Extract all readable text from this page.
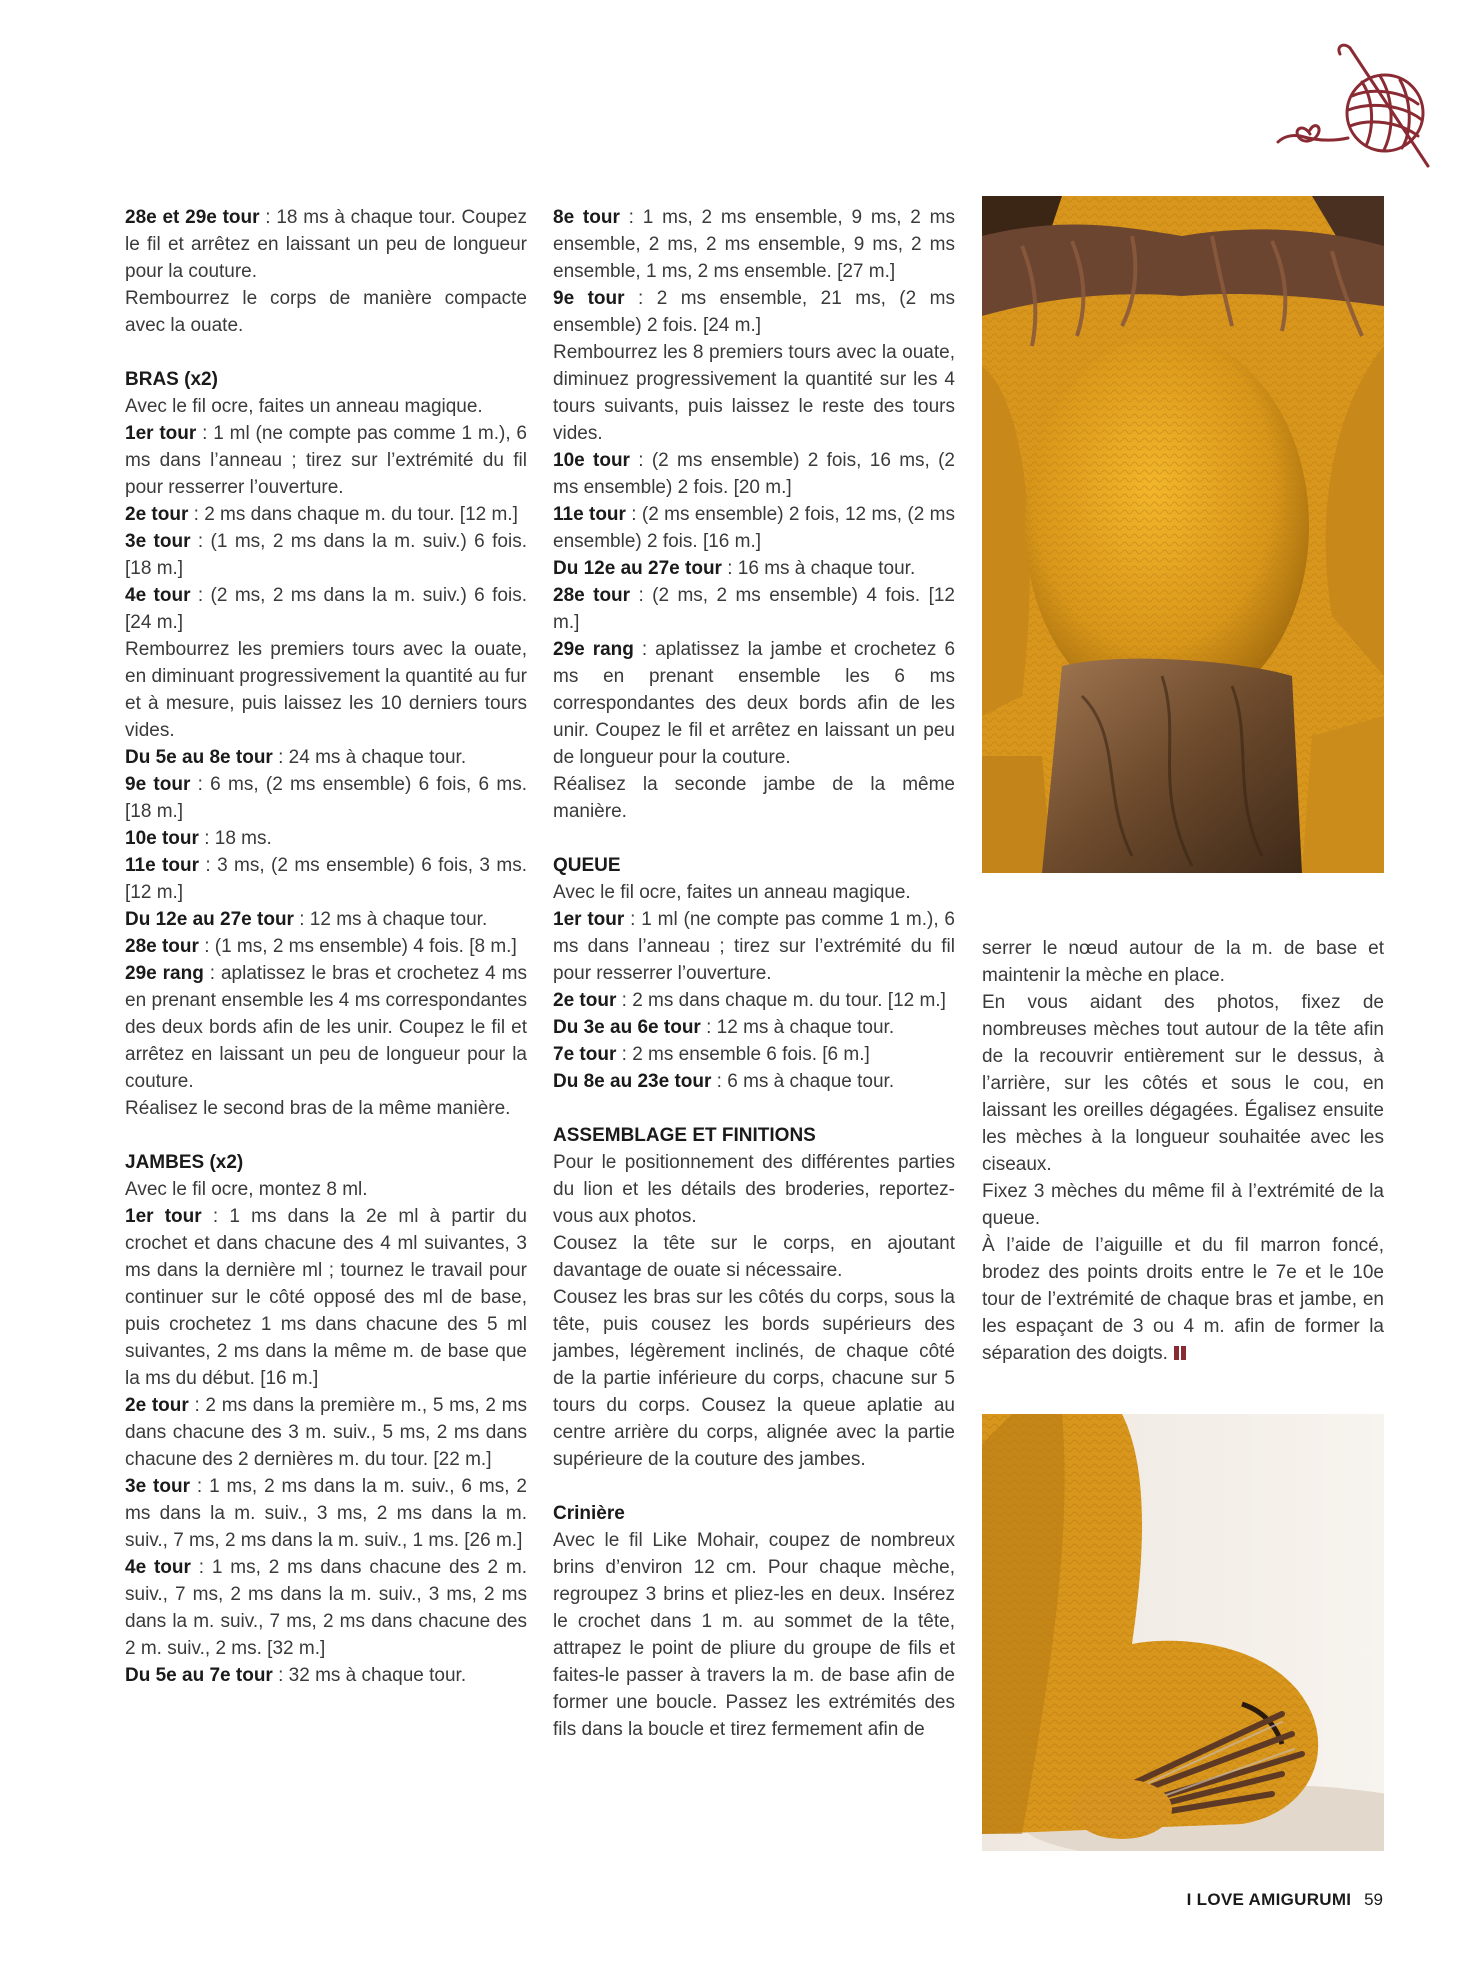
28e et 29e tour : 18 ms à chaque tour. Coupez le fil et arrêtez en laissant un peu de longueur pour la couture.

Rembourrez le corps de manière compacte avec la ouate.

BRAS (x2)

Avec le fil ocre, faites un anneau magique.

1er tour : 1 ml (ne compte pas comme 1 m.), 6 ms dans l’anneau ; tirez sur l’extrémité du fil pour resserrer l’ouverture.

2e tour : 2 ms dans chaque m. du tour. [12 m.]

3e tour : (1 ms, 2 ms dans la m. suiv.) 6 fois. [18 m.]

4e tour : (2 ms, 2 ms dans la m. suiv.) 6 fois. [24 m.]

Rembourrez les premiers tours avec la ouate, en diminuant progressivement la quantité au fur et à mesure, puis laissez les 10 derniers tours vides.

Du 5e au 8e tour : 24 ms à chaque tour.

9e tour : 6 ms, (2 ms ensemble) 6 fois, 6 ms. [18 m.]

10e tour : 18 ms.

11e tour : 3 ms, (2 ms ensemble) 6 fois, 3 ms. [12 m.]

Du 12e au 27e tour : 12 ms à chaque tour.

28e tour : (1 ms, 2 ms ensemble) 4 fois. [8 m.]

29e rang : aplatissez le bras et crochetez 4 ms en prenant ensemble les 4 ms correspondantes des deux bords afin de les unir. Coupez le fil et arrêtez en laissant un peu de longueur pour la couture.

Réalisez le second bras de la même manière.

JAMBES (x2)

Avec le fil ocre, montez 8 ml.

1er tour : 1 ms dans la 2e ml à partir du crochet et dans chacune des 4 ml suivantes, 3 ms dans la dernière ml ; tournez le travail pour continuer sur le côté opposé des ml de base, puis crochetez 1 ms dans chacune des 5 ml suivantes, 2 ms dans la même m. de base que la ms du début. [16 m.]

2e tour : 2 ms dans la première m., 5 ms, 2 ms dans chacune des 3 m. suiv., 5 ms, 2 ms dans chacune des 2 dernières m. du tour. [22 m.]

3e tour : 1 ms, 2 ms dans la m. suiv., 6 ms, 2 ms dans la m. suiv., 3 ms, 2 ms dans la m. suiv., 7 ms, 2 ms dans la m. suiv., 1 ms. [26 m.]

4e tour : 1 ms, 2 ms dans chacune des 2 m. suiv., 7 ms, 2 ms dans la m. suiv., 3 ms, 2 ms dans la m. suiv., 7 ms, 2 ms dans chacune des 2 m. suiv., 2 ms. [32 m.]

Du 5e au 7e tour : 32 ms à chaque tour.

8e tour : 1 ms, 2 ms ensemble, 9 ms, 2 ms ensemble, 2 ms, 2 ms ensemble, 9 ms, 2 ms ensemble, 1 ms, 2 ms ensemble. [27 m.]

9e tour : 2 ms ensemble, 21 ms, (2 ms ensemble) 2 fois. [24 m.]

Rembourrez les 8 premiers tours avec la ouate, diminuez progressivement la quantité sur les 4 tours suivants, puis laissez le reste des tours vides.

10e tour : (2 ms ensemble) 2 fois, 16 ms, (2 ms ensemble) 2 fois. [20 m.]

11e tour : (2 ms ensemble) 2 fois, 12 ms, (2 ms ensemble) 2 fois. [16 m.]

Du 12e au 27e tour : 16 ms à chaque tour.

28e tour : (2 ms, 2 ms ensemble) 4 fois. [12 m.]

29e rang : aplatissez la jambe et crochetez 6 ms en prenant ensemble les 6 ms correspondantes des deux bords afin de les unir. Coupez le fil et arrêtez en laissant un peu de longueur pour la couture.

Réalisez la seconde jambe de la même manière.

QUEUE

Avec le fil ocre, faites un anneau magique.

1er tour : 1 ml (ne compte pas comme 1 m.), 6 ms dans l’anneau ; tirez sur l’extrémité du fil pour resserrer l’ouverture.

2e tour : 2 ms dans chaque m. du tour. [12 m.]

Du 3e au 6e tour : 12 ms à chaque tour.

7e tour : 2 ms ensemble 6 fois. [6 m.]

Du 8e au 23e tour : 6 ms à chaque tour.

ASSEMBLAGE ET FINITIONS

Pour le positionnement des différentes parties du lion et les détails des broderies, reportez-vous aux photos.

Cousez la tête sur le corps, en ajoutant davantage de ouate si nécessaire.

Cousez les bras sur les côtés du corps, sous la tête, puis cousez les bords supérieurs des jambes, légèrement inclinés, de chaque côté de la partie inférieure du corps, chacune sur 5 tours du corps. Cousez la queue aplatie au centre arrière du corps, alignée avec la partie supérieure de la couture des jambes.

Crinière

Avec le fil Like Mohair, coupez de nombreux brins d’environ 12 cm. Pour chaque mèche, regroupez 3 brins et pliez-les en deux. Insérez le crochet dans 1 m. au sommet de la tête, attrapez le point de pliure du groupe de fils et faites-le passer à travers la m. de base afin de former une boucle. Passez les extrémités des fils dans la boucle et tirez fermement afin de

serrer le nœud autour de la m. de base et maintenir la mèche en place.

En vous aidant des photos, fixez de nombreuses mèches tout autour de la tête afin de la recouvrir entièrement sur le dessus, à l’arrière, sur les côtés et sous le cou, en laissant les oreilles dégagées. Égalisez ensuite les mèches à la longueur souhaitée avec les ciseaux.

Fixez 3 mèches du même fil à l’extrémité de la queue.

À l’aide de l’aiguille et du fil marron foncé, brodez des points droits entre le 7e et le 10e tour de l’extrémité de chaque bras et jambe, en les espaçant de 3 ou 4 m. afin de former la séparation des doigts.

I LOVE AMIGURUMI 59
